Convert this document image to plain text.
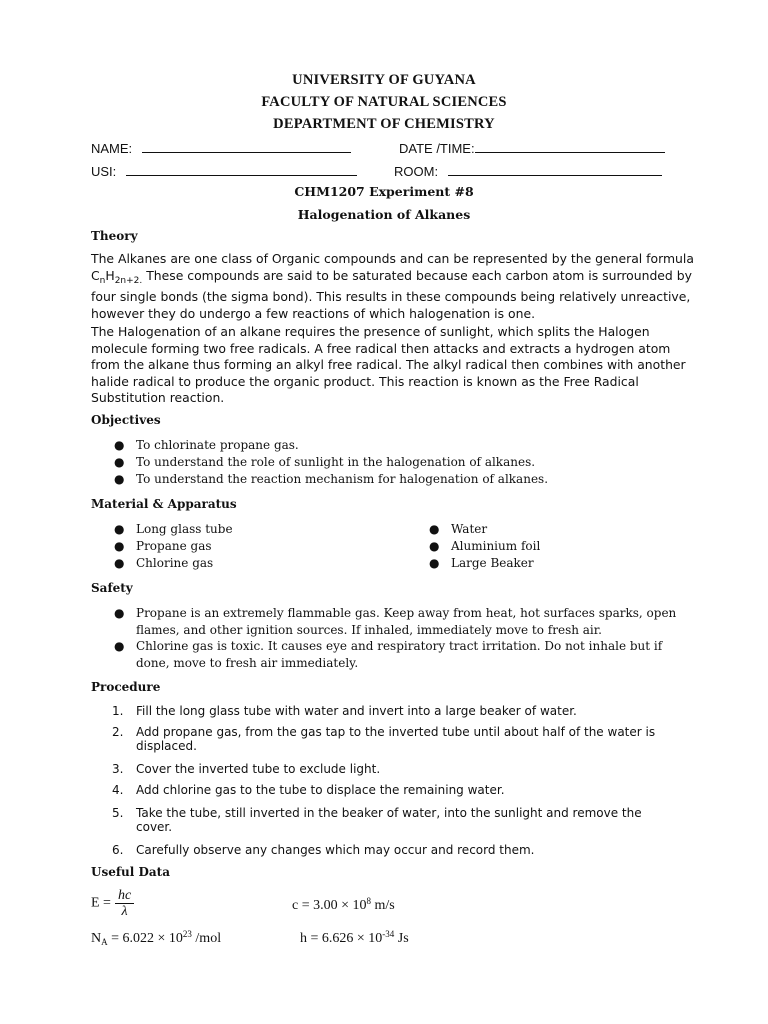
UNIVERSITY OF GUYANA
FACULTY OF NATURAL SCIENCES
DEPARTMENT OF CHEMISTRY
NAME:	DATE /TIME:
USI:	ROOM:
CHM1207 Experiment #8
Halogenation of Alkanes
Theory
The Alkanes are one class of Organic compounds and can be represented by the general formula
$C_nH_{2n+2.}$ These compounds are said to be saturated because each carbon atom is surrounded by
four single bonds (the sigma bond). This results in these compounds being relatively unreactive,
however they do undergo a few reactions of which halogenation is one.
The Halogenation of an alkane requires the presence of sunlight, which splits the Halogen
molecule forming two free radicals. A free radical then attacks and extracts a hydrogen atom
from the alkane thus forming an alkyl free radical. The alkyl radical then combines with another
halide radical to produce the organic product. This reaction is known as the Free Radical
Substitution reaction.
Objectives
● To chlorinate propane gas.
● To understand the role of sunlight in the halogenation of alkanes.
● To understand the reaction mechanism for halogenation of alkanes.
Material & Apparatus
● Long glass tube
● Propane gas
● Chlorine gas
● Water
● Aluminium foil
● Large Beaker
Safety
● Propane is an extremely flammable gas. Keep away from heat, hot surfaces sparks, open
flames, and other ignition sources. If inhaled, immediately move to fresh air.
● Chlorine gas is toxic. It causes eye and respiratory tract irritation. Do not inhale but if
done, move to fresh air immediately.
Procedure
1. Fill the long glass tube with water and invert into a large beaker of water.
2. Add propane gas, from the gas tap to the inverted tube until about half of the water is
displaced.
3. Cover the inverted tube to exclude light.
4. Add chlorine gas to the tube to displace the remaining water.
5. Take the tube, still inverted in the beaker of water, into the sunlight and remove the
cover.
6. Carefully observe any changes which may occur and record them.
Useful Data
$E = \frac{hc}{\lambda}$	$c = 3.00 \times 10^8$ m/s
$N_A = 6.022 \times 10^{23}$ /mol	$h = 6.626 \times 10^{-34}$ Js
